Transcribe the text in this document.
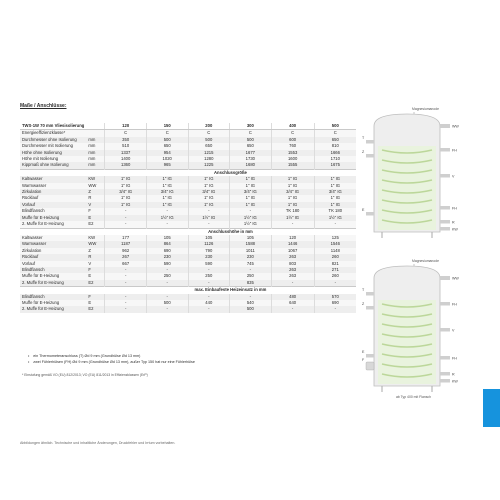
Maße / Anschlüsse:
TWS-1W 70 mm Vliesisolierung		120	150	200	300	400	500
Energieeffizienzklasse*		C	C	C	C	C	C
Durchmesser ohne Isolierung	mm	350	500	500	500	600	650
Durchmesser mit Isolierung	mm	510	650	650	650	760	810
Höhe ohne Isolierung	mm	1337	954	1215	1677	1553	1666
Höhe mit Isolierung	mm	1400	1020	1280	1730	1600	1710
Kippmaß ohne Isolierung	mm	1360	965	1225	1680	1555	1675
		Anschlussgröße					
Kaltwasser	KW	1" IG	1" IG	1" IG	1" IG	1" IG	1" IG
Warmwasser	WW	1" IG	1" IG	1" IG	1" IG	1" IG	1" IG
Zirkulation	Z	3/4" IG	3/4" IG	3/4" IG	3/4" IG	3/4" IG	3/4" IG
Rücklauf	R	1" IG	1" IG	1" IG	1" IG	1" IG	1" IG
Vorlauf	V	1" IG	1" IG	1" IG	1" IG	1" IG	1" IG
Blindflansch	F	-	-	-	-	TK 180	TK 180
Muffe für E-Heizung	E	-	1½" IG	1½" IG	1½" IG	1½" IG	1½" IG
2. Muffe für E-Heizung	E2	-	-	-	1½" IG	-	-
		Anschlusshöhe in mm					
Kaltwasser	KW	177	105	105	105	120	125
Warmwasser	WW	1187	864	1126	1588	1446	1546
Zirkulation	Z	962	690	790	1011	1067	1148
Rücklauf	R	267	230	230	230	263	260
Vorlauf	V	667	590	590	745	803	821
Blindflansch	F	-	-	-	-	263	271
Muffe für E-Heizung	E	-	250	250	250	263	260
2. Muffe für E-Heizung	E2	-	-	-	835	-	-
		max. Einbaufeste Heizeinsatz in mm					
Blindflansch	F	-	-	-	-	480	570
Muffe für E-Heizung	E	-	500	440	540	640	690
2. Muffe für E-Heizung	E2	-	-	-	500	-	-
• ein Thermometeranschluss (T) Ød 9 mm (Grundhülse Ød 13 mm)
• zwei Fühlerhülsen (FH) Ød 9 mm (Grundhülse Ød 13 mm), außer Typ 150 hat nur eine Fühlerhülse
* Einstufung gemäß VO (EU) 812/2013; VO (EU) 811/2013 in Effizienzklassen (ErP)
Abbildungen ähnlich. Technische und inhaltliche Änderungen, Druckfehler und Irrtum vorbehalten.
Magnesiumanode
WW
T
Z	FH
V
FH
E
R
KW
Magnesiumanode
WW
T
Z	FH
V
FH
E
F
R
KW
ab Typ 400 mit Flansch
